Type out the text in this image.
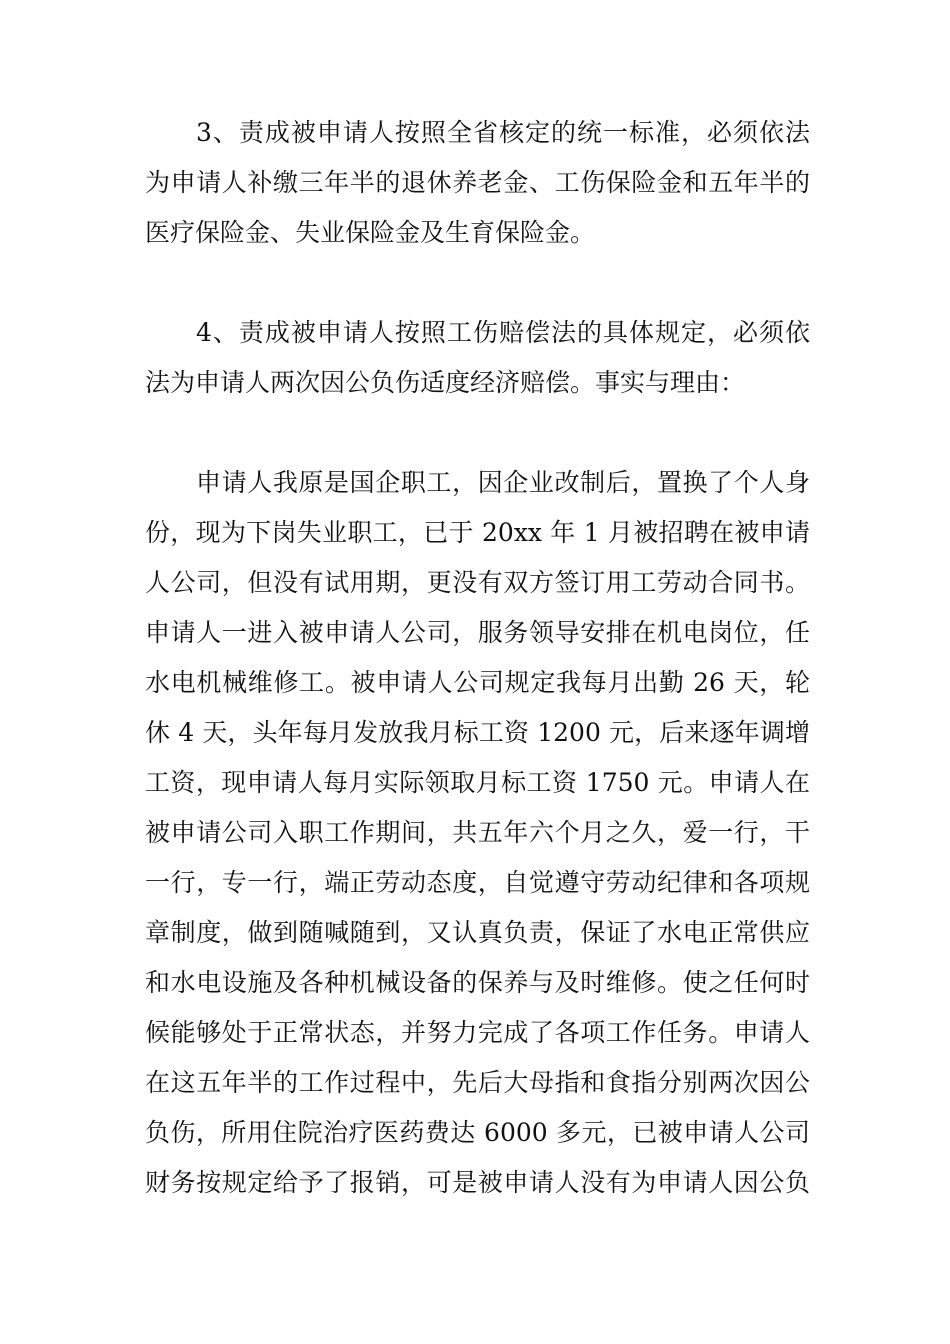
3、责成被申请人按照全省核定的统一标准，必须依法
为申请人补缴三年半的退休养老金、工伤保险金和五年半的
医疗保险金、失业保险金及生育保险金。
4、责成被申请人按照工伤赔偿法的具体规定，必须依
法为申请人两次因公负伤适度经济赔偿。事实与理由：
申请人我原是国企职工，因企业改制后，置换了个人身
份，现为下岗失业职工，已于 20xx 年 1 月被招聘在被申请
人公司，但没有试用期，更没有双方签订用工劳动合同书。
申请人一进入被申请人公司，服务领导安排在机电岗位，任
水电机械维修工。被申请人公司规定我每月出勤 26 天，轮
休 4 天，头年每月发放我月标工资 1200 元，后来逐年调增
工资，现申请人每月实际领取月标工资 1750 元。申请人在
被申请公司入职工作期间，共五年六个月之久，爱一行，干
一行，专一行，端正劳动态度，自觉遵守劳动纪律和各项规
章制度，做到随喊随到，又认真负责，保证了水电正常供应
和水电设施及各种机械设备的保养与及时维修。使之任何时
候能够处于正常状态，并努力完成了各项工作任务。申请人
在这五年半的工作过程中，先后大母指和食指分别两次因公
负伤，所用住院治疗医药费达 6000 多元，已被申请人公司
财务按规定给予了报销，可是被申请人没有为申请人因公负
